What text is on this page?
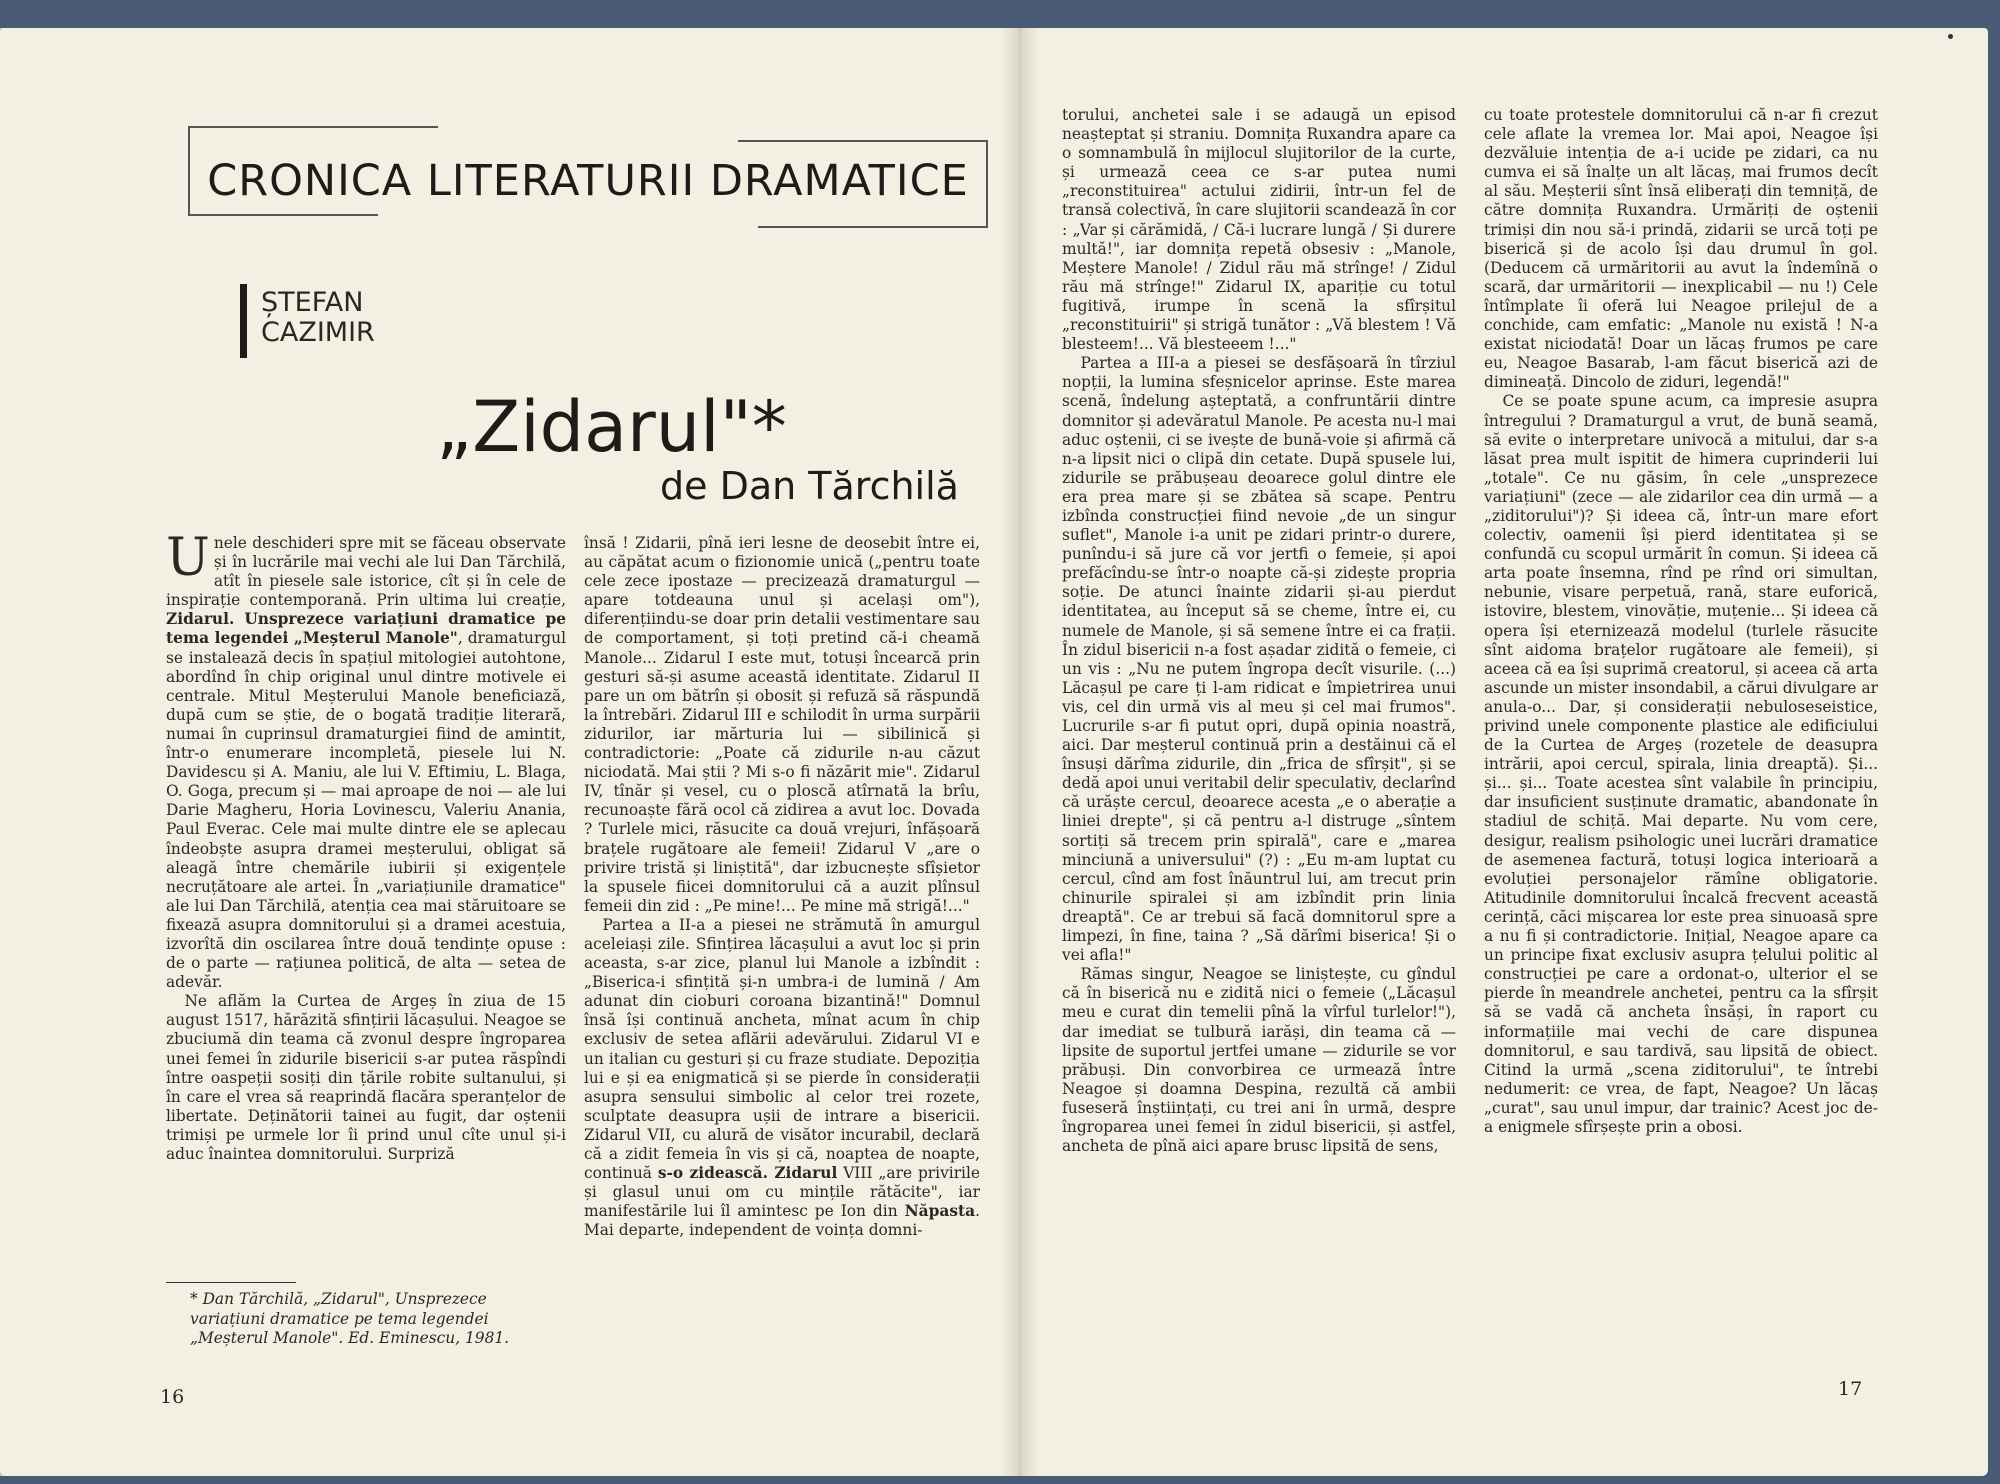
CRONICA LITERATURII DRAMATICE
ȘTEFAN
CAZIMIR
„Zidarul"*
de Dan Tărchilă

Unele deschideri spre mit se făceau observate și în lucrările mai vechi ale lui Dan Tărchilă, atît în piesele sale istorice, cît și în cele de inspirație contemporană. Prin ultima lui creație, Zidarul. Unsprezece variațiuni dramatice pe tema legendei „Meșterul Manole", dramaturgul se instalează decis în spațiul mitologiei autohtone, abordînd în chip original unul dintre motivele ei centrale. Mitul Meșterului Manole beneficiază, după cum se știe, de o bogată tradiție literară, numai în cuprinsul dramaturgiei fiind de amintit, într-o enumerare incompletă, piesele lui N. Davidescu și A. Maniu, ale lui V. Eftimiu, L. Blaga, O. Goga, precum și — mai aproape de noi — ale lui Darie Magheru, Horia Lovinescu, Valeriu Anania, Paul Everac. Cele mai multe dintre ele se aplecau îndeobște asupra dramei meșterului, obligat să aleagă între chemările iubirii și exigențele necruțătoare ale artei. În „variațiunile dramatice" ale lui Dan Tărchilă, atenția cea mai stăruitoare se fixează asupra domnitorului și a dramei acestuia, izvorîtă din oscilarea între două tendințe opuse : de o parte — rațiunea politică, de alta — setea de adevăr.

Ne aflăm la Curtea de Argeș în ziua de 15 august 1517, hărăzită sfințirii lăcașului. Neagoe se zbuciumă din teama că zvonul despre îngroparea unei femei în zidurile bisericii s-ar putea răspîndi între oaspeții sosiți din țările robite sultanului, și în care el vrea să reaprindă flacăra speranțelor de libertate. Deținătorii tainei au fugit, dar oștenii trimiși pe urmele lor îi prind unul cîte unul și-i aduc înaintea domnitorului. Surpriză

* Dan Tărchilă, „Zidarul", Unsprezece variațiuni dramatice pe tema legendei „Meșterul Manole". Ed. Eminescu, 1981.

însă ! Zidarii, pînă ieri lesne de deosebit între ei, au căpătat acum o fizionomie unică („pentru toate cele zece ipostaze — precizează dramaturgul — apare totdeauna unul și același om"), diferențiindu-se doar prin detalii vestimentare sau de comportament, și toți pretind că-i cheamă Manole... Zidarul I este mut, totuși încearcă prin gesturi să-și asume această identitate. Zidarul II pare un om bătrîn și obosit și refuză să răspundă la întrebări. Zidarul III e schilodit în urma surpării zidurilor, iar mărturia lui — sibilinică și contradictorie: „Poate că zidurile n-au căzut niciodată. Mai știi ? Mi s-o fi năzărit mie". Zidarul IV, tînăr și vesel, cu o ploscă atîrnată la brîu, recunoaște fără ocol că zidirea a avut loc. Dovada ? Turlele mici, răsucite ca două vrejuri, înfășoară brațele rugătoare ale femeii! Zidarul V „are o privire tristă și liniștită", dar izbucnește sfîșietor la spusele fiicei domnitorului că a auzit plînsul femeii din zid : „Pe mine!... Pe mine mă strigă!..."

Partea a II-a a piesei ne strămută în amurgul aceleiași zile. Sfințirea lăcașului a avut loc și prin aceasta, s-ar zice, planul lui Manole a izbîndit : „Biserica-i sfințită și-n umbra-i de lumină / Am adunat din cioburi coroana bizantină!" Domnul însă își continuă ancheta, mînat acum în chip exclusiv de setea aflării adevărului. Zidarul VI e un italian cu gesturi și cu fraze studiate. Depoziția lui e și ea enigmatică și se pierde în considerații asupra sensului simbolic al celor trei rozete, sculptate deasupra ușii de intrare a bisericii. Zidarul VII, cu alură de visător incurabil, declară că a zidit femeia în vis și că, noaptea de noapte, continuă s-o zidească. Zidarul VIII „are privirile și glasul unui om cu mințile rătăcite", iar manifestările lui îl amintesc pe Ion din Năpasta. Mai departe, independent de voința domni-

16

torului, anchetei sale i se adaugă un episod neașteptat și straniu. Domnița Ruxandra apare ca o somnambulă în mijlocul slujitorilor de la curte, și urmează ceea ce s-ar putea numi „reconstituirea" actului zidirii, într-un fel de transă colectivă, în care slujitorii scandează în cor : „Var și cărămidă, / Că-i lucrare lungă / Și durere multă!", iar domnița repetă obsesiv : „Manole, Meștere Manole! / Zidul rău mă strînge! / Zidul rău mă strînge!" Zidarul IX, apariție cu totul fugitivă, irumpe în scenă la sfîrșitul „reconstituirii" și strigă tunător : „Vă blestem ! Vă blesteem!... Vă blesteeem !..."

Partea a III-a a piesei se desfășoară în tîrziul nopții, la lumina sfeșnicelor aprinse. Este marea scenă, îndelung așteptată, a confruntării dintre domnitor și adevăratul Manole. Pe acesta nu-l mai aduc oștenii, ci se ivește de bună-voie și afirmă că n-a lipsit nici o clipă din cetate. După spusele lui, zidurile se prăbușeau deoarece golul dintre ele era prea mare și se zbătea să scape. Pentru izbînda construcției fiind nevoie „de un singur suflet", Manole i-a unit pe zidari printr-o durere, punîndu-i să jure că vor jertfi o femeie, și apoi prefăcîndu-se într-o noapte că-și zidește propria soție. De atunci înainte zidarii și-au pierdut identitatea, au început să se cheme, între ei, cu numele de Manole, și să semene între ei ca frații. În zidul bisericii n-a fost așadar zidită o femeie, ci un vis : „Nu ne putem îngropa decît visurile. (...) Lăcașul pe care ți l-am ridicat e împietrirea unui vis, cel din urmă vis al meu și cel mai frumos". Lucrurile s-ar fi putut opri, după opinia noastră, aici. Dar meșterul continuă prin a destăinui că el însuși dărîma zidurile, din „frica de sfîrșit", și se dedă apoi unui veritabil delir speculativ, declarînd că urăște cercul, deoarece acesta „e o aberație a liniei drepte", și că pentru a-l distruge „sîntem sortiți să trecem prin spirală", care e „marea minciună a universului" (?) : „Eu m-am luptat cu cercul, cînd am fost înăuntrul lui, am trecut prin chinurile spiralei și am izbîndit prin linia dreaptă". Ce ar trebui să facă domnitorul spre a limpezi, în fine, taina ? „Să dărîmi biserica! Și o vei afla!"

Rămas singur, Neagoe se liniștește, cu gîndul că în biserică nu e zidită nici o femeie („Lăcașul meu e curat din temelii pînă la vîrful turlelor!"), dar imediat se tulbură iarăși, din teama că — lipsite de suportul jertfei umane — zidurile se vor prăbuși. Din convorbirea ce urmează între Neagoe și doamna Despina, rezultă că ambii fuseseră înștiințați, cu trei ani în urmă, despre îngroparea unei femei în zidul bisericii, și astfel, ancheta de pînă aici apare brusc lipsită de sens,

cu toate protestele domnitorului că n-ar fi crezut cele aflate la vremea lor. Mai apoi, Neagoe își dezvăluie intenția de a-i ucide pe zidari, ca nu cumva ei să înalțe un alt lăcaș, mai frumos decît al său. Meșterii sînt însă eliberați din temniță, de către domnița Ruxandra. Urmăriți de oștenii trimiși din nou să-i prindă, zidarii se urcă toți pe biserică și de acolo își dau drumul în gol. (Deducem că urmăritorii au avut la îndemînă o scară, dar urmăritorii — inexplicabil — nu !) Cele întîmplate îi oferă lui Neagoe prilejul de a conchide, cam emfatic: „Manole nu există ! N-a existat niciodată! Doar un lăcaș frumos pe care eu, Neagoe Basarab, l-am făcut biserică azi de dimineață. Dincolo de ziduri, legendă!"

Ce se poate spune acum, ca impresie asupra întregului ? Dramaturgul a vrut, de bună seamă, să evite o interpretare univocă a mitului, dar s-a lăsat prea mult ispitit de himera cuprinderii lui „totale". Ce nu găsim, în cele „unsprezece variațiuni" (zece — ale zidarilor cea din urmă — a „ziditorului")? Și ideea că, într-un mare efort colectiv, oamenii își pierd identitatea și se confundă cu scopul urmărit în comun. Și ideea că arta poate însemna, rînd pe rînd ori simultan, nebunie, visare perpetuă, rană, stare euforică, istovire, blestem, vinovăție, muțenie... Și ideea că opera își eternizează modelul (turlele răsucite sînt aidoma brațelor rugătoare ale femeii), și aceea că ea își suprimă creatorul, și aceea că arta ascunde un mister insondabil, a cărui divulgare ar anula-o... Dar, și considerații nebuloseseistice, privind unele componente plastice ale edificiului de la Curtea de Argeș (rozetele de deasupra intrării, apoi cercul, spirala, linia dreaptă). Și... și... și... Toate acestea sînt valabile în principiu, dar insuficient susținute dramatic, abandonate în stadiul de schiță. Mai departe. Nu vom cere, desigur, realism psihologic unei lucrări dramatice de asemenea factură, totuși logica interioară a evoluției personajelor rămîne obligatorie. Atitudinile domnitorului încalcă frecvent această cerință, căci mișcarea lor este prea sinuoasă spre a nu fi și contradictorie. Inițial, Neagoe apare ca un principe fixat exclusiv asupra țelului politic al construcției pe care a ordonat-o, ulterior el se pierde în meandrele anchetei, pentru ca la sfîrșit să se vadă că ancheta însăși, în raport cu informațiile mai vechi de care dispunea domnitorul, e sau tardivă, sau lipsită de obiect. Citind la urmă „scena ziditorului", te întrebi nedumerit: ce vrea, de fapt, Neagoe? Un lăcaș „curat", sau unul impur, dar trainic? Acest joc de-a enigmele sfîrșește prin a obosi.

17
